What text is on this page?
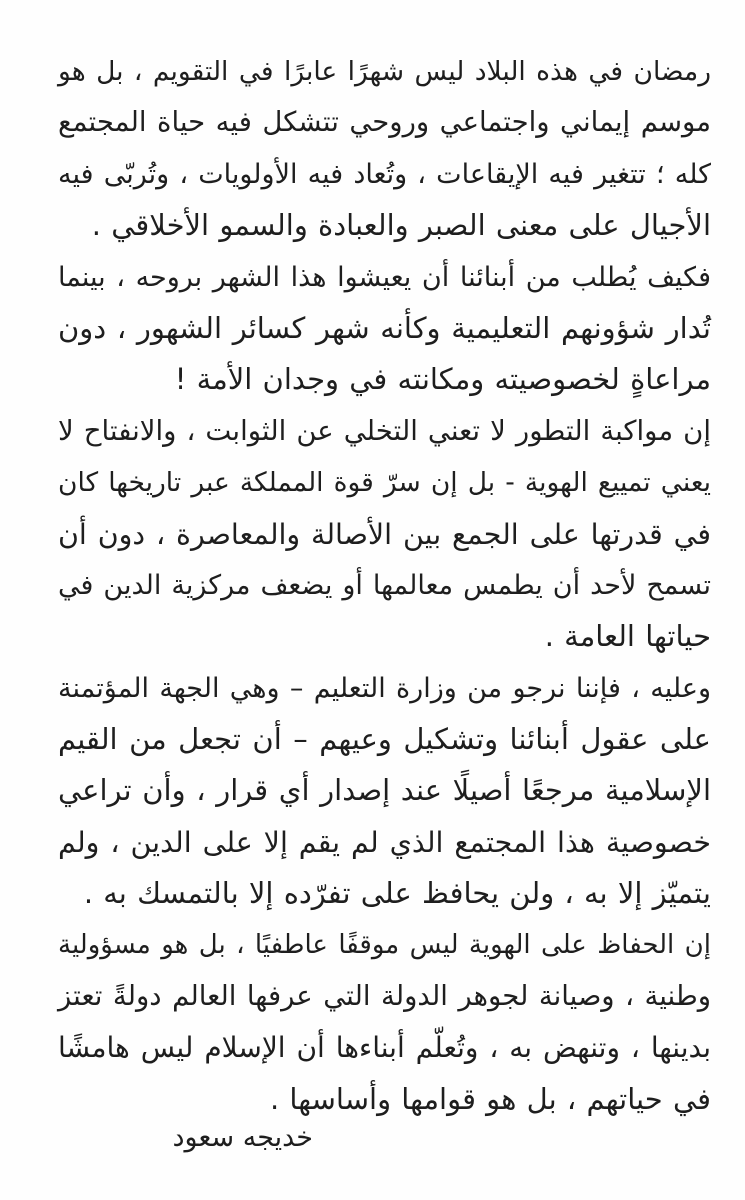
رمضان في هذه البلاد ليس شهرًا عابرًا في التقويم ، بل هو
موسم إيماني واجتماعي وروحي تتشكل فيه حياة المجتمع
كله ؛ تتغير فيه الإيقاعات ، وتُعاد فيه الأولويات ، وتُربّى فيه
الأجيال على معنى الصبر والعبادة والسمو الأخلاقي .
فكيف يُطلب من أبنائنا أن يعيشوا هذا الشهر بروحه ، بينما
تُدار شؤونهم التعليمية وكأنه شهر كسائر الشهور ، دون
مراعاةٍ لخصوصيته ومكانته في وجدان الأمة !
إن مواكبة التطور لا تعني التخلي عن الثوابت ، والانفتاح لا
يعني تمييع الهوية - بل إن سرّ قوة المملكة عبر تاريخها كان
في قدرتها على الجمع بين الأصالة والمعاصرة ، دون أن
تسمح لأحد أن يطمس معالمها أو يضعف مركزية الدين في
حياتها العامة .
وعليه ، فإننا نرجو من وزارة التعليم – وهي الجهة المؤتمنة
على عقول أبنائنا وتشكيل وعيهم – أن تجعل من القيم
الإسلامية مرجعًا أصيلًا عند إصدار أي قرار ، وأن تراعي
خصوصية هذا المجتمع الذي لم يقم إلا على الدين ، ولم
يتميّز إلا به ، ولن يحافظ على تفرّده إلا بالتمسك به .
إن الحفاظ على الهوية ليس موقفًا عاطفيًا ، بل هو مسؤولية
وطنية ، وصيانة لجوهر الدولة التي عرفها العالم دولةً تعتز
بدينها ، وتنهض به ، وتُعلّم أبناءها أن الإسلام ليس هامشًا
في حياتهم ، بل هو قوامها وأساسها .
خديجه سعود
